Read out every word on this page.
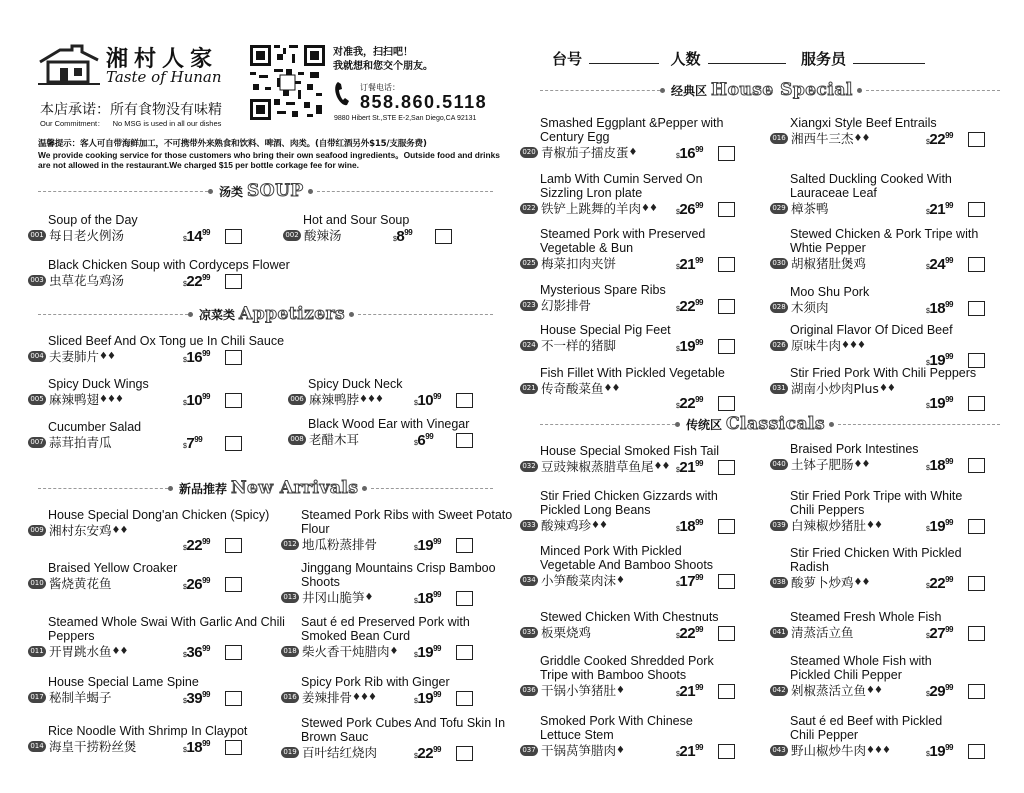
湘村人家
Taste of Hunan
本店承诺：所有食物没有味精
Our Commitment： No MSG is used in all our dishes
对准我，扫扫吧！
我就想和您交个朋友。
订餐电话：
858.860.5118
9880 Hibert St.,STE E-2,San Diego,CA 92131
温馨提示：客人可自带海鲜加工，不可携带外来熟食和饮料、啤酒、肉类。(自带红酒另外$15/支服务费)
We provide cooking service for those customers who bring their own seafood ingredients。Outside food and drinks are not allowed in the restaurant.We charged $15 per bottle corkage fee for wine.
台号	人数	服务员
汤类 SOUP
凉菜类 Appetizers
新品推荐 New Arrivals
经典区 House Special
传统区 Classicals
Soup of the Day
001 每日老火例汤	$\$14^{99}$
Hot and Sour Soup
002 酸辣汤	$\$8^{99}$
Black Chicken Soup with Cordyceps Flower
003 虫草花乌鸡汤	$\$22^{99}$
Sliced Beef And Ox Tong ue In Chili Sauce
004 夫妻肺片 ♦♦	$\$16^{99}$
Spicy Duck Wings
005 麻辣鸭翅 ♦♦♦	$\$10^{99}$
Spicy Duck Neck
006 麻辣鸭脖 ♦♦♦	$\$10^{99}$
Cucumber Salad
007 蒜茸拍青瓜	$\$7^{99}$
Black Wood Ear with Vinegar
008 老醋木耳	$\$6^{99}$
House Special Dong'an Chicken (Spicy)
009 湘村东安鸡 ♦♦
$\$22^{99}$
Steamed Pork Ribs with Sweet Potato Flour
012 地瓜粉蒸排骨	$\$19^{99}$
Braised Yellow Croaker
010 酱烧黄花鱼	$\$26^{99}$
Jinggang Mountains Crisp Bamboo Shoots
013 井冈山脆笋 ♦	$\$18^{99}$
Steamed Whole Swai With Garlic And Chili Peppers
011 开胃跳水鱼 ♦♦	$\$36^{99}$
Saut é ed Preserved Pork with Smoked Bean Curd
018 柴火香干炖腊肉 ♦ $\$19^{99}$
House Special Lame Spine
017 秘制羊蝎子	$\$39^{99}$
Spicy Pork Rib with Ginger
016 姜辣排骨 ♦♦♦	$\$19^{99}$
Rice Noodle With Shrimp In Claypot
014 海皇干捞粉丝煲	$\$18^{99}$
Stewed Pork Cubes And Tofu Skin In Brown Sauc
019 百叶结红烧肉	$\$22^{99}$
Smashed Eggplant &Pepper with Century Egg
020 青椒茄子擂皮蛋 ♦	$\$16^{99}$
Xiangxi Style Beef Entrails
016 湘西牛三杰 ♦♦	$\$22^{99}$
Lamb With Cumin Served On Sizzling Lron plate
022 铁铲上跳舞的羊肉 ♦♦	$\$26^{99}$
Salted Duckling Cooked With Lauraceae Leaf
029 樟茶鸭	$\$21^{99}$
Steamed Pork with Preserved Vegetable & Bun
025 梅菜扣肉夹饼	$\$21^{99}$
Stewed Chicken & Pork Tripe with Whtie Pepper
030 胡椒猪肚煲鸡	$\$24^{99}$
Mysterious Spare Ribs
023 幻影排骨	$\$22^{99}$
Moo Shu Pork
028 木须肉	$\$18^{99}$
House Special Pig Feet
024 不一样的猪脚	$\$19^{99}$
Original Flavor Of Diced Beef
026 原味牛肉 ♦♦♦
$\$19^{99}$
Fish Fillet With Pickled Vegetable
021 传奇酸菜鱼 ♦♦
$\$22^{99}$
Stir Fried Pork With Chili Peppers
031 湖南小炒肉Plus ♦♦
$\$19^{99}$
House Special Smoked Fish Tail
032 豆豉辣椒蒸腊草鱼尾 ♦♦ $\$21^{99}$
Braised Pork Intestines
040 土钵子肥肠 ♦♦	$\$18^{99}$
Stir Fried Chicken Gizzards with Pickled Long Beans
033 酸辣鸡珍 ♦♦	$\$18^{99}$
Stir Fried Pork Tripe with White Chili Peppers
039 白辣椒炒猪肚 ♦♦	$\$19^{99}$
Minced Pork With Pickled Vegetable And Bamboo Shoots
034 小笋酸菜肉沫 ♦	$\$17^{99}$
Stir Fried Chicken With Pickled Radish
038 酸萝卜炒鸡 ♦♦	$\$22^{99}$
Stewed Chicken With Chestnuts
035 板栗烧鸡	$\$22^{99}$
Steamed Fresh Whole Fish
041 清蒸活立鱼	$\$27^{99}$
Griddle Cooked Shredded Pork Tripe with Bamboo Shoots
036 干锅小笋猪肚 ♦	$\$21^{99}$
Steamed Whole Fish with Pickled Chili Pepper
042 剁椒蒸活立鱼 ♦♦	$\$29^{99}$
Smoked Pork With Chinese Lettuce Stem
037 干锅莴笋腊肉 ♦	$\$21^{99}$
Saut é ed Beef with Pickled Chili Pepper
043 野山椒炒牛肉 ♦♦♦	$\$19^{99}$
